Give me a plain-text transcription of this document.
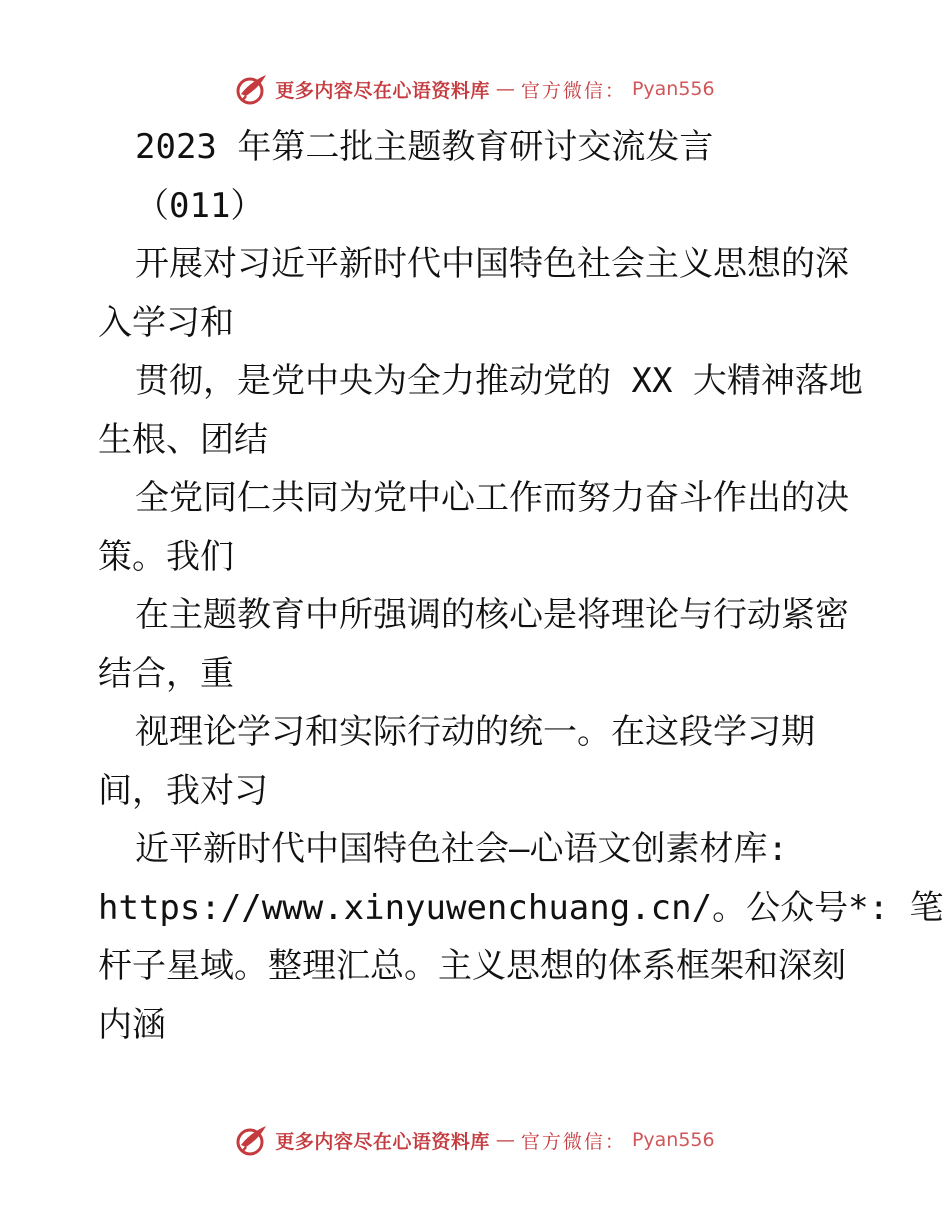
更多内容尽在心语资料库 — 官方微信： Pyan556
2023 年第二批主题教育研讨交流发言
（011）
开展对习近平新时代中国特色社会主义思想的深
入学习和
贯彻，是党中央为全力推动党的 XX 大精神落地
生根、团结
全党同仁共同为党中心工作而努力奋斗作出的决
策。我们
在主题教育中所强调的核心是将理论与行动紧密
结合，重
视理论学习和实际行动的统一。在这段学习期
间，我对习
近平新时代中国特色社会—心语文创素材库:
https://www.xinyuwenchuang.cn/。公众号*: 笔
杆子星域。整理汇总。主义思想的体系框架和深刻
内涵
更多内容尽在心语资料库 — 官方微信： Pyan556
